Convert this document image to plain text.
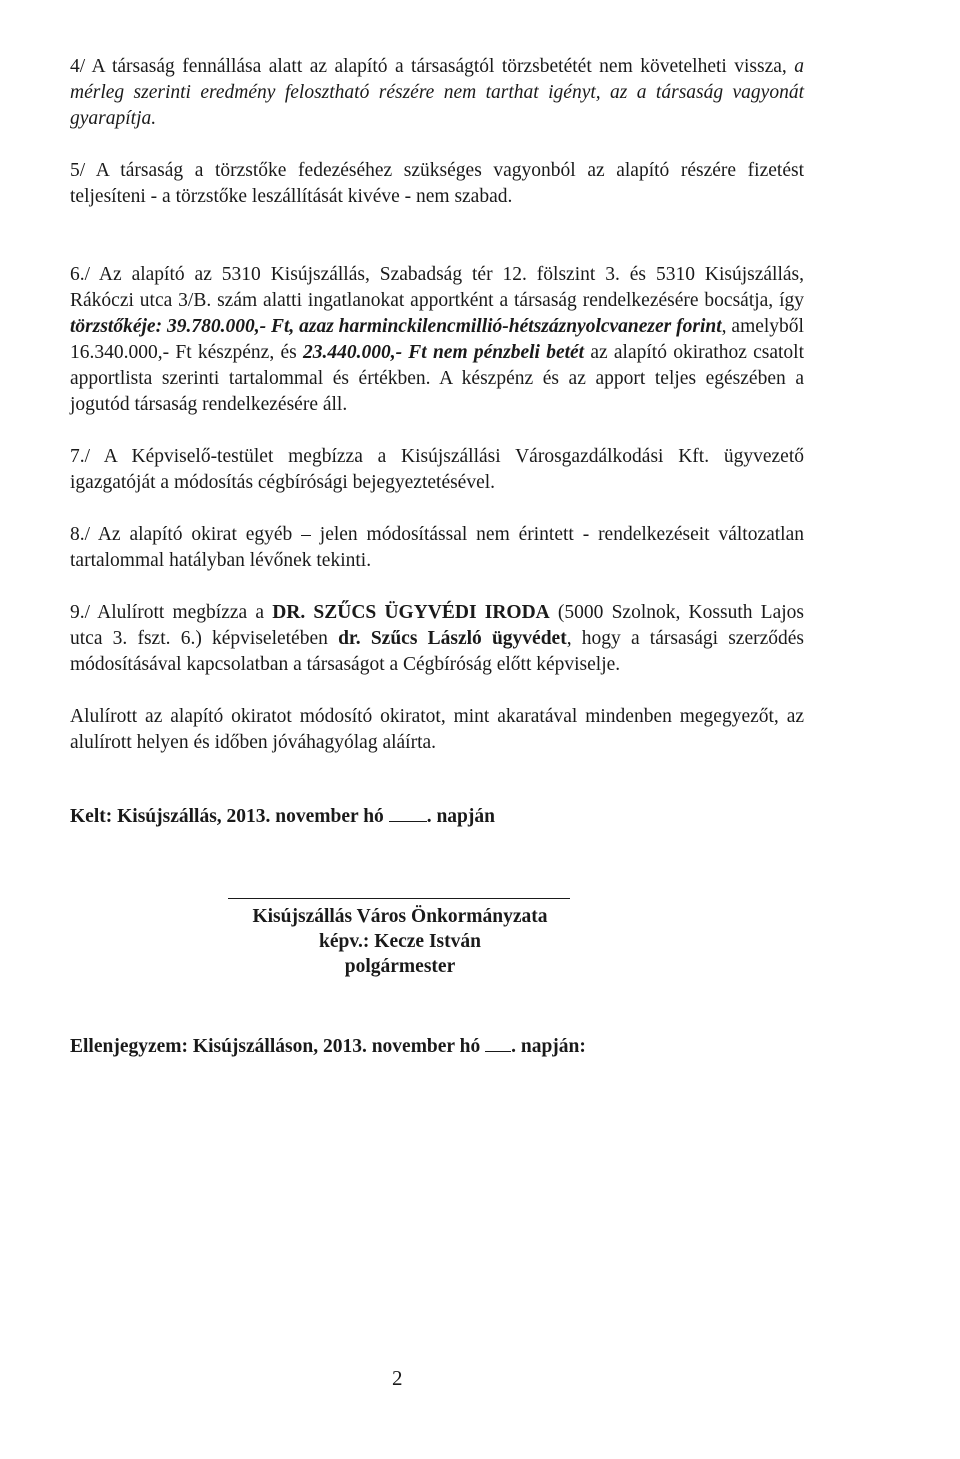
4/ A társaság fennállása alatt az alapító a társaságtól törzsbetétét nem követelheti vissza, a mérleg szerinti eredmény felosztható részére nem tarthat igényt, az a társaság vagyonát gyarapítja.

5/ A társaság a törzstőke fedezéséhez szükséges vagyonból az alapító részére fizetést teljesíteni - a törzstőke leszállítását kivéve - nem szabad.

6./ Az alapító az 5310 Kisújszállás, Szabadság tér 12. fölszint 3. és 5310 Kisújszállás, Rákóczi utca 3/B. szám alatti ingatlanokat apportként a társaság rendelkezésére bocsátja, így törzstőkéje: 39.780.000,- Ft, azaz harminckilencmillió-hétszáznyolcvanezer forint, amelyből 16.340.000,- Ft készpénz, és 23.440.000,- Ft nem pénzbeli betét az alapító okirathoz csatolt apportlista szerinti tartalommal és értékben. A készpénz és az apport teljes egészében a jogutód társaság rendelkezésére áll.

7./ A Képviselő-testület megbízza a Kisújszállási Városgazdálkodási Kft. ügyvezető igazgatóját a módosítás cégbírósági bejegyeztetésével.

8./ Az alapító okirat egyéb – jelen módosítással nem érintett - rendelkezéseit változatlan tartalommal hatályban lévőnek tekinti.

9./ Alulírott megbízza a DR. SZŰCS ÜGYVÉDI IRODA (5000 Szolnok, Kossuth Lajos utca 3. fszt. 6.) képviseletében dr. Szűcs László ügyvédet, hogy a társasági szerződés módosításával kapcsolatban a társaságot a Cégbíróság előtt képviselje.

Alulírott az alapító okiratot módosító okiratot, mint akaratával mindenben megegyezőt, az alulírott helyen és időben jóváhagyólag aláírta.

Kelt: Kisújszállás, 2013. november hó . napján

Kisújszállás Város Önkormányzata
képv.: Kecze István
polgármester

Ellenjegyzem: Kisújszálláson, 2013. november hó . napján:

2
